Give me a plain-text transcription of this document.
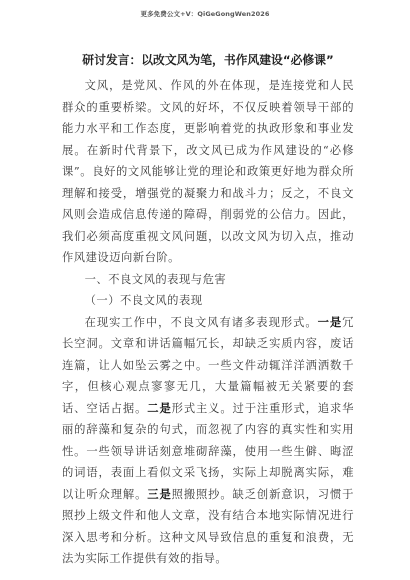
更多免费公文+V：QiGeGongWen2026
研讨发言：以改文风为笔，书作风建设“必修课”

文风，是党风、作风的外在体现，是连接党和人民群众的重要桥梁。文风的好坏，不仅反映着领导干部的能力水平和工作态度，更影响着党的执政形象和事业发展。在新时代背景下，改文风已成为作风建设的“必修课”。良好的文风能够让党的理论和政策更好地为群众所理解和接受，增强党的凝聚力和战斗力；反之，不良文风则会造成信息传递的障碍，削弱党的公信力。因此，我们必须高度重视文风问题，以改文风为切入点，推动作风建设迈向新台阶。

一、不良文风的表现与危害

（一）不良文风的表现

在现实工作中，不良文风有诸多表现形式。一是冗长空洞。文章和讲话篇幅冗长，却缺乏实质内容，废话连篇，让人如坠云雾之中。一些文件动辄洋洋洒洒数千字，但核心观点寥寥无几，大量篇幅被无关紧要的套话、空话占据。二是形式主义。过于注重形式，追求华丽的辞藻和复杂的句式，而忽视了内容的真实性和实用性。一些领导讲话刻意堆砌辞藻，使用一些生僻、晦涩的词语，表面上看似文采飞扬，实际上却脱离实际，难以让听众理解。三是照搬照抄。缺乏创新意识，习惯于照抄上级文件和他人文章，没有结合本地实际情况进行深入思考和分析。这种文风导致信息的重复和浪费，无法为实际工作提供有效的指导。
